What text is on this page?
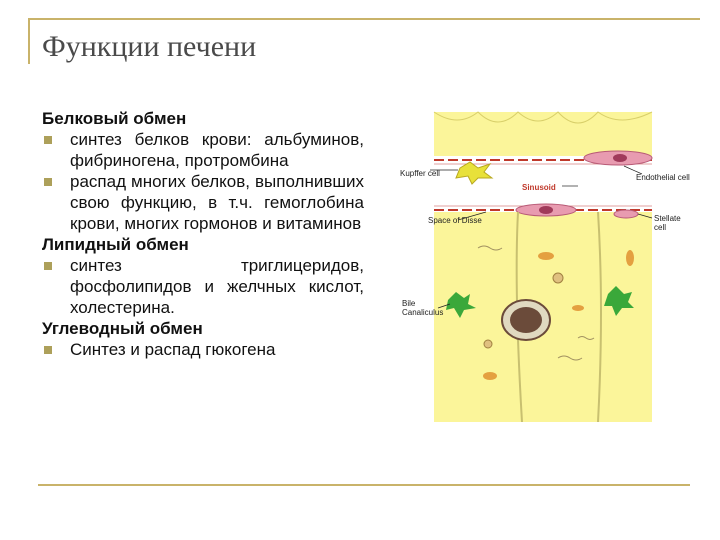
Функции печени
Белковый обмен
синтез белков крови: альбуминов, фибриногена, протромбина
распад многих белков, выполнивших свою функцию, в т.ч. гемоглобина крови, многих гормонов и витаминов
Липидный обмен
синтез триглицеридов, фосфолипидов и желчных кислот, холестерина.
Углеводный обмен
Синтез и распад гюкогена
Kupffer cell
Sinusoid
Endothelial cell
Space of Disse	Stellate
cell
Bile
Canaliculus
